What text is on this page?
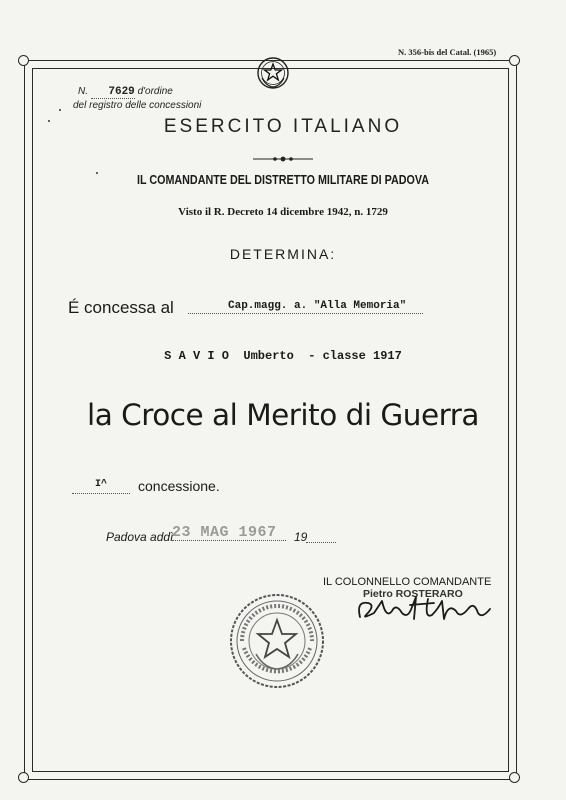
N. 356-bis del Catal. (1965)
N. 7629 d'ordine
del registro delle concessioni
ESERCITO ITALIANO
IL COMANDANTE DEL DISTRETTO MILITARE DI PADOVA
Visto il R. Decreto 14 dicembre 1942, n. 1729
DETERMINA:
É concessa al	Cap.magg. a. "Alla Memoria"
S A V I O  Umberto  - classe 1917
la Croce al Merito di Guerra
I^	concessione.
Padova addì
23 MAG 1967	19
IL COLONNELLO COMANDANTE
Pietro ROSTERARO
